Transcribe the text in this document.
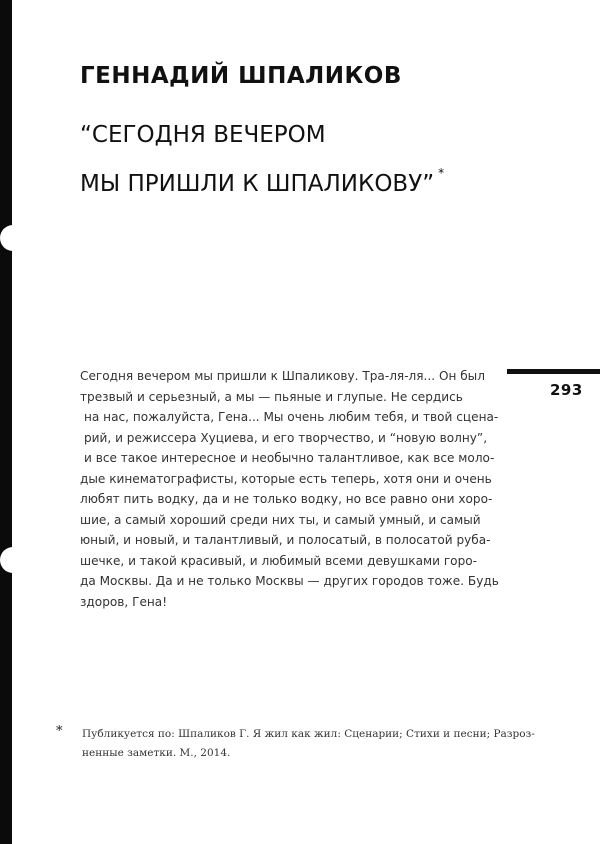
ГЕННАДИЙ ШПАЛИКОВ
“СЕГОДНЯ ВЕЧЕРОМ
МЫ ПРИШЛИ К ШПАЛИКОВУ” *
Сегодня вечером мы пришли к Шпаликову. Тра-ля-ля... Он был
трезвый и серьезный, а мы — пьяные и глупые. Не сердись
на нас, пожалуйста, Гена... Мы очень любим тебя, и твой сцена-
рий, и режиссера Хуциева, и его творчество, и “новую волну”,
и все такое интересное и необычно талантливое, как все моло-
дые кинематографисты, которые есть теперь, хотя они и очень
любят пить водку, да и не только водку, но все равно они хоро-
шие, а самый хороший среди них ты, и самый умный, и самый
юный, и новый, и талантливый, и полосатый, в полосатой руба-
шечке, и такой красивый, и любимый всеми девушками горо-
да Москвы. Да и не только Москвы — других городов тоже. Будь
здоров, Гена!
293
* Публикуется по: Шпаликов Г. Я жил как жил: Сценарии; Стихи и песни; Разроз-
ненные заметки. М., 2014.
